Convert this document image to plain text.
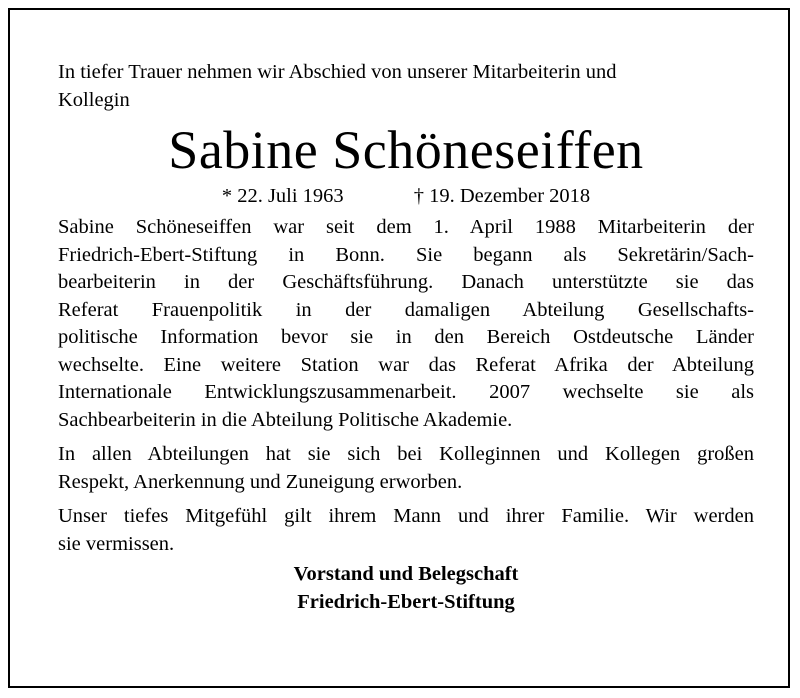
In tiefer Trauer nehmen wir Abschied von unserer Mitarbeiterin und
Kollegin
Sabine Schöneseiffen
* 22. Juli 1963	† 19. Dezember 2018
Sabine Schöneseiffen war seit dem 1. April 1988 Mitarbeiterin der
Friedrich-Ebert-Stiftung in Bonn. Sie begann als Sekretärin/Sach-
bearbeiterin in der Geschäftsführung. Danach unterstützte sie das
Referat Frauenpolitik in der damaligen Abteilung Gesellschafts-
politische Information bevor sie in den Bereich Ostdeutsche Länder
wechselte. Eine weitere Station war das Referat Afrika der Abteilung
Internationale Entwicklungszusammenarbeit. 2007 wechselte sie als
Sachbearbeiterin in die Abteilung Politische Akademie.
In allen Abteilungen hat sie sich bei Kolleginnen und Kollegen großen
Respekt, Anerkennung und Zuneigung erworben.
Unser tiefes Mitgefühl gilt ihrem Mann und ihrer Familie. Wir werden
sie vermissen.
Vorstand und Belegschaft
Friedrich-Ebert-Stiftung
